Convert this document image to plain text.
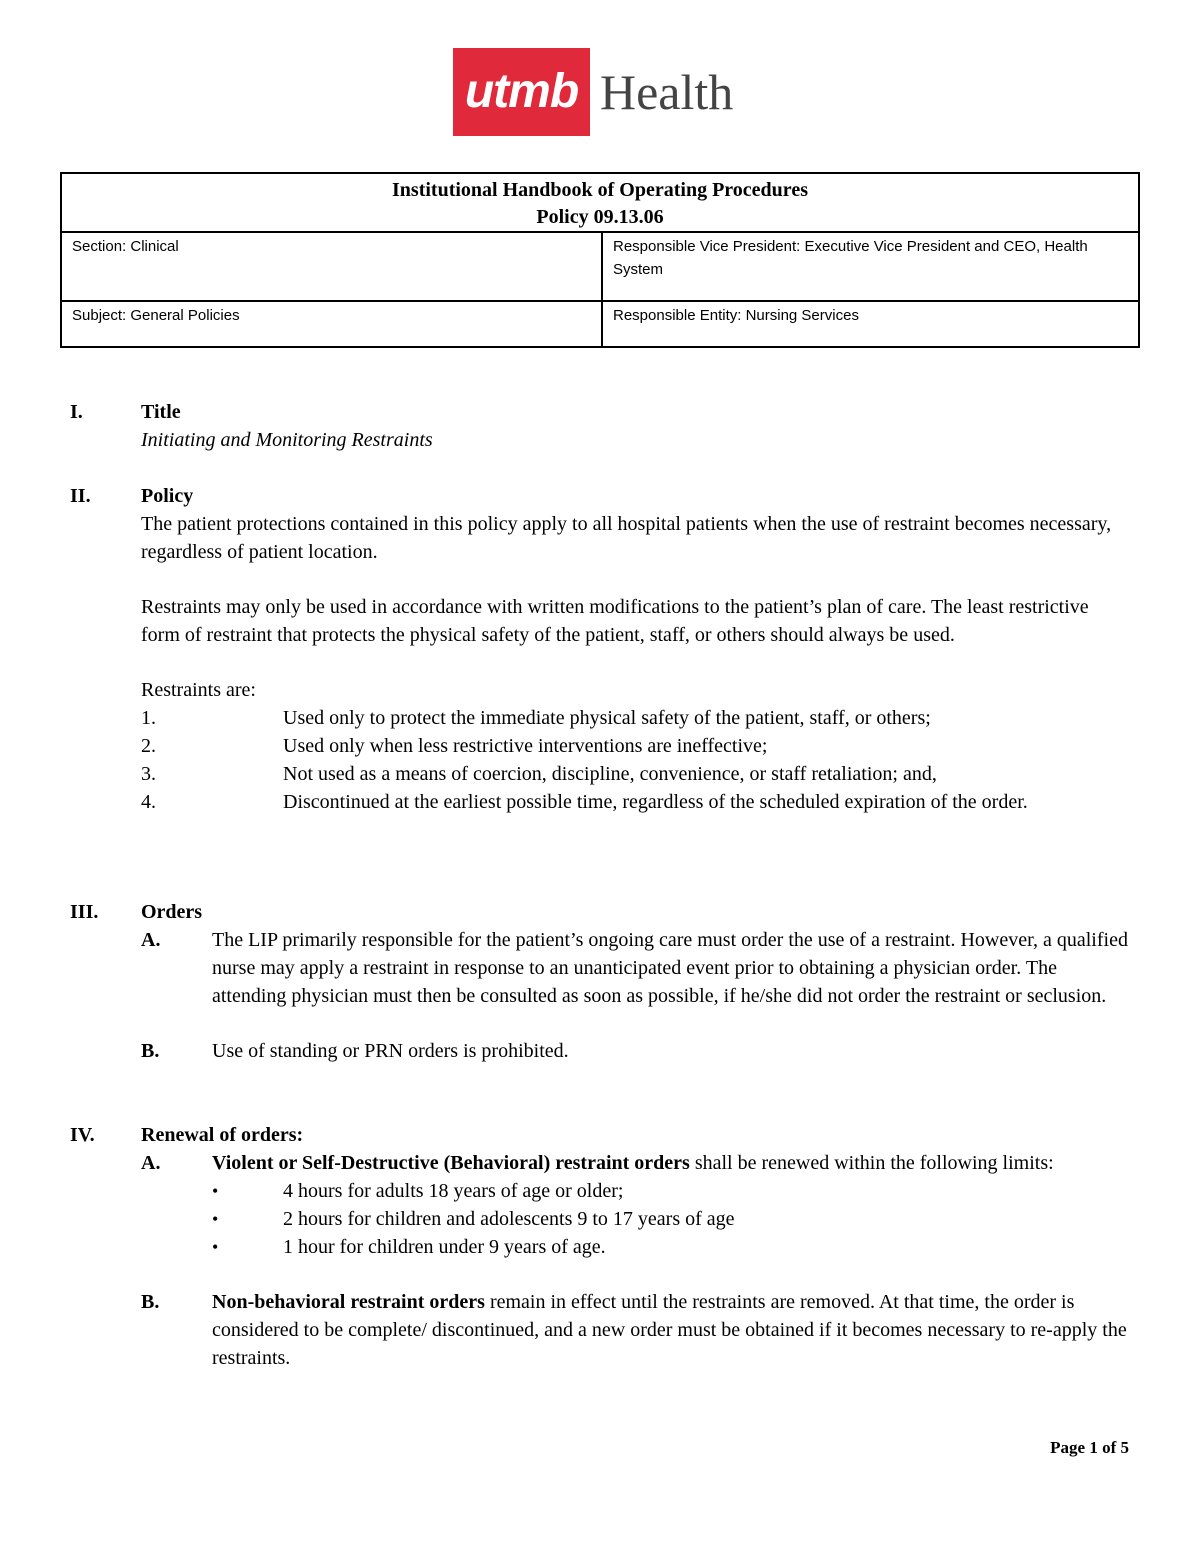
utmb Health
Institutional Handbook of Operating Procedures
Policy 09.13.06	

Section: Clinical	Responsible Vice President: Executive Vice President and CEO, Health System
Subject: General Policies	Responsible Entity: Nursing Services
I.	Title
Initiating and Monitoring Restraints
II.	Policy

The patient protections contained in this policy apply to all hospital patients when the use of restraint becomes necessary, regardless of patient location.

Restraints may only be used in accordance with written modifications to the patient’s plan of care. The least restrictive form of restraint that protects the physical safety of the patient, staff, or others should always be used.

Restraints are:

1.	Used only to protect the immediate physical safety of the patient, staff, or others;
2.	Used only when less restrictive interventions are ineffective;
3.	Not used as a means of coercion, discipline, convenience, or staff retaliation; and,
4.	Discontinued at the earliest possible time, regardless of the scheduled expiration of the order.
III. Orders
A.	The LIP primarily responsible for the patient’s ongoing care must order the use of a restraint. However, a qualified nurse may apply a restraint in response to an unanticipated event prior to obtaining a physician order. The attending physician must then be consulted as soon as possible, if he/she did not order the restraint or seclusion.
B.	Use of standing or PRN orders is prohibited.
IV. Renewal of orders:
A.	Violent or Self-Destructive (Behavioral) restraint orders shall be renewed within the following limits:
•	4 hours for adults 18 years of age or older;
•	2 hours for children and adolescents 9 to 17 years of age
•	1 hour for children under 9 years of age.
B.	Non-behavioral restraint orders remain in effect until the restraints are removed. At that time, the order is considered to be complete/ discontinued, and a new order must be obtained if it becomes necessary to re-apply the restraints.
Page 1 of 5
